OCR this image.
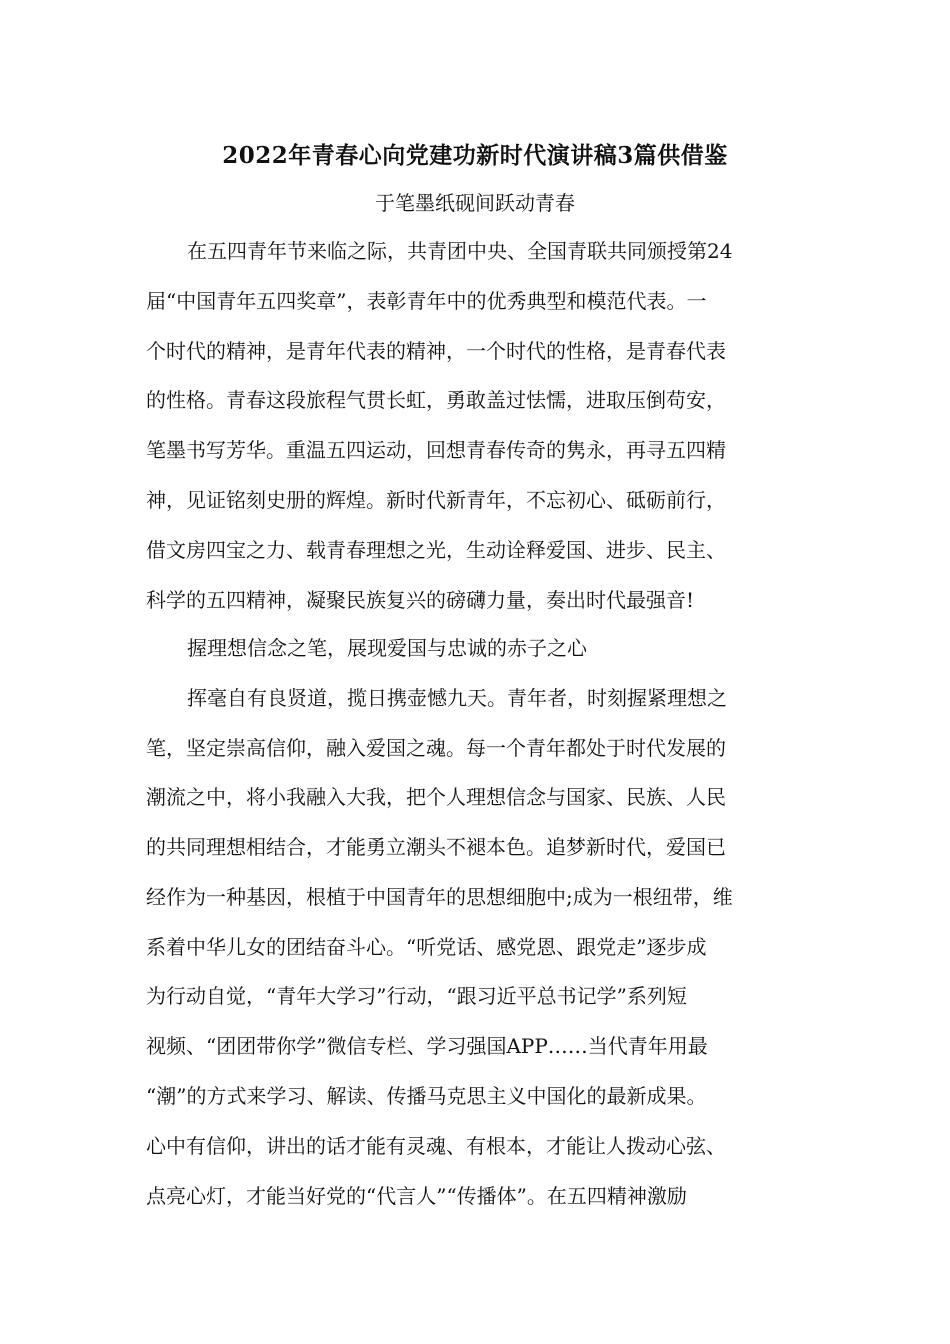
2022年青春心向党建功新时代演讲稿3篇供借鉴
于笔墨纸砚间跃动青春
在五四青年节来临之际，共青团中央、全国青联共同颁授第24
届“中国青年五四奖章”，表彰青年中的优秀典型和模范代表。一
个时代的精神，是青年代表的精神，一个时代的性格，是青春代表
的性格。青春这段旅程气贯长虹，勇敢盖过怯懦，进取压倒苟安，
笔墨书写芳华。重温五四运动，回想青春传奇的隽永，再寻五四精
神，见证铭刻史册的辉煌。新时代新青年，不忘初心、砥砺前行，
借文房四宝之力、载青春理想之光，生动诠释爱国、进步、民主、
科学的五四精神，凝聚民族复兴的磅礴力量，奏出时代最强音!
握理想信念之笔，展现爱国与忠诚的赤子之心
挥毫自有良贤道，揽日携壶憾九天。青年者，时刻握紧理想之
笔，坚定崇高信仰，融入爱国之魂。每一个青年都处于时代发展的
潮流之中，将小我融入大我，把个人理想信念与国家、民族、人民
的共同理想相结合，才能勇立潮头不褪本色。追梦新时代，爱国已
经作为一种基因，根植于中国青年的思想细胞中;成为一根纽带，维
系着中华儿女的团结奋斗心。“听党话、感党恩、跟党走”逐步成
为行动自觉，“青年大学习”行动，“跟习近平总书记学”系列短
视频、“团团带你学”微信专栏、学习强国APP……当代青年用最
“潮”的方式来学习、解读、传播马克思主义中国化的最新成果。
心中有信仰，讲出的话才能有灵魂、有根本，才能让人拨动心弦、
点亮心灯，才能当好党的“代言人”“传播体”。在五四精神激励
